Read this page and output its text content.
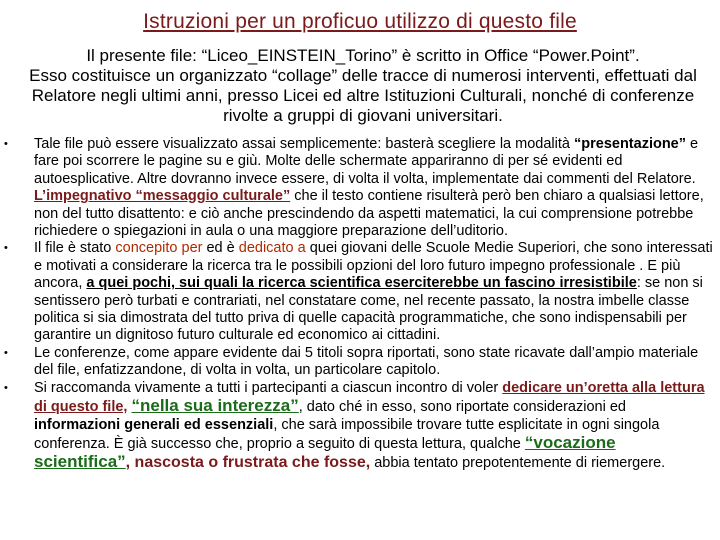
Istruzioni per un proficuo utilizzo di questo file
Il presente file: “Liceo_EINSTEIN_Torino” è scritto in Office “Power.Point”.
Esso costituisce un organizzato “collage” delle tracce di numerosi interventi, effettuati dal Relatore negli ultimi anni, presso Licei ed altre Istituzioni Culturali, nonché di conferenze rivolte a gruppi di giovani universitari.
• Tale file può essere visualizzato assai semplicemente: basterà scegliere la modalità “presentazione” e fare poi scorrere le pagine su e giù. Molte delle schermate appariranno di per sé evidenti ed autoesplicative. Altre dovranno invece essere, di volta il volta, implementate dai commenti del Relatore. L’impegnativo “messaggio culturale” che il testo contiene risulterà però ben chiaro a qualsiasi lettore, non del tutto disattento: e ciò anche prescindendo da aspetti matematici, la cui comprensione potrebbe richiedere o spiegazioni in aula o una maggiore preparazione dell’uditorio.
• Il file è stato concepito per ed è dedicato a quei giovani delle Scuole Medie Superiori, che sono interessati e motivati a considerare la ricerca tra le possibili opzioni del loro futuro impegno professionale . E più ancora, a quei pochi, sui quali la ricerca scientifica eserciterebbe un fascino irresistibile: se non si sentissero però turbati e contrariati, nel constatare come, nel recente passato, la nostra imbelle classe politica si sia dimostrata del tutto priva di quelle capacità programmatiche, che sono indispensabili per garantire un dignitoso futuro culturale ed economico ai cittadini.
• Le conferenze, come appare evidente dai 5 titoli sopra riportati, sono state ricavate dall’ampio materiale del file, enfatizzandone, di volta in volta, un particolare capitolo.
• Si raccomanda vivamente a tutti i partecipanti a ciascun incontro di voler dedicare un’oretta alla lettura di questo file, “nella sua interezza”, dato ché in esso, sono riportate considerazioni ed informazioni generali ed essenziali, che sarà impossibile trovare tutte esplicitate in ogni singola conferenza. È già successo che, proprio a seguito di questa lettura, qualche “vocazione scientifica”, nascosta o frustrata che fosse, abbia tentato prepotentemente di riemergere.
